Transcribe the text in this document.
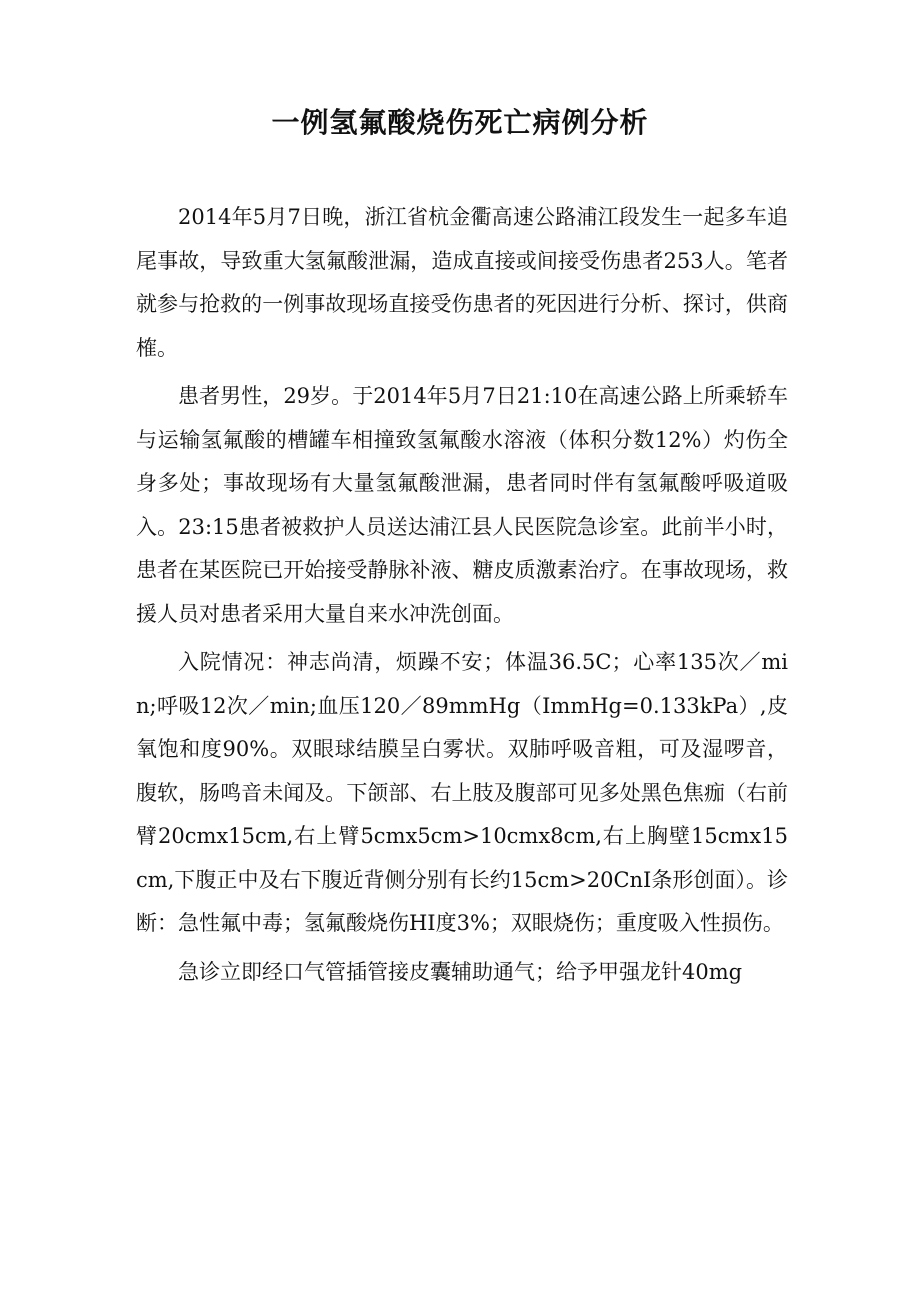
一例氢氟酸烧伤死亡病例分析

2014年5月7日晚，浙江省杭金衢高速公路浦江段发生一起多车追尾事故，导致重大氢氟酸泄漏，造成直接或间接受伤患者253人。笔者就参与抢救的一例事故现场直接受伤患者的死因进行分析、探讨，供商榷。

患者男性，29岁。于2014年5月7日21:10在高速公路上所乘轿车与运输氢氟酸的槽罐车相撞致氢氟酸水溶液（体积分数12%）灼伤全身多处；事故现场有大量氢氟酸泄漏，患者同时伴有氢氟酸呼吸道吸入。23:15患者被救护人员送达浦江县人民医院急诊室。此前半小时，患者在某医院已开始接受静脉补液、糖皮质激素治疗。在事故现场，救援人员对患者采用大量自来水冲洗创面。

入院情况：神志尚清，烦躁不安；体温36.5C；心率135次／min;呼吸12次／min;血压120／89mmHg（ImmHg=0.133kPa）,皮氧饱和度90%。双眼球结膜呈白雾状。双肺呼吸音粗，可及湿啰音，腹软，肠鸣音未闻及。下颌部、右上肢及腹部可见多处黑色焦痂（右前臂20cmx15cm,右上臂5cmx5cm>10cmx8cm,右上胸壁15cmx15cm,下腹正中及右下腹近背侧分别有长约15cm>20CnI条形创面）。诊断：急性氟中毒；氢氟酸烧伤HI度3%；双眼烧伤；重度吸入性损伤。

急诊立即经口气管插管接皮囊辅助通气；给予甲强龙针40mg
